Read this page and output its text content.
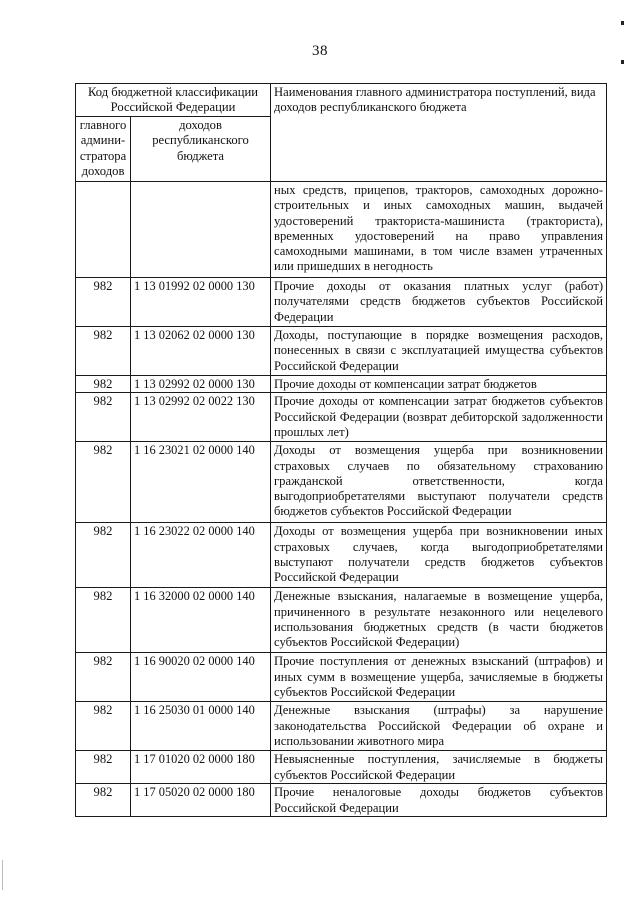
38
Код бюджетной классификации Российской Федерации		Наименования главного администратора поступлений, вида доходов республиканского бюджета
главного админи-стратора доходов	доходов республиканского бюджета	
		ных средств, прицепов, тракторов, самоходных дорожно-строительных и иных самоходных машин, выдачей удостоверений тракториста-машиниста (тракториста), временных удостоверений на право управления самоходными машинами, в том числе взамен утраченных или пришедших в негодность
982	1 13 01992 02 0000 130	Прочие доходы от оказания платных услуг (работ) получателями средств бюджетов субъектов Российской Федерации
982	1 13 02062 02 0000 130	Доходы, поступающие в порядке возмещения расходов, понесенных в связи с эксплуатацией имущества субъектов Российской Федерации
982	1 13 02992 02 0000 130	Прочие доходы от компенсации затрат бюджетов
982	1 13 02992 02 0022 130	Прочие доходы от компенсации затрат бюджетов субъектов Российской Федерации (возврат дебиторской задолженности прошлых лет)
982	1 16 23021 02 0000 140	Доходы от возмещения ущерба при возникновении страховых случаев по обязательному страхованию гражданской ответственности, когда выгодоприобретателями выступают получатели средств бюджетов субъектов Российской Федерации
982	1 16 23022 02 0000 140	Доходы от возмещения ущерба при возникновении иных страховых случаев, когда выгодоприобретателями выступают получатели средств бюджетов субъектов Российской Федерации
982	1 16 32000 02 0000 140	Денежные взыскания, налагаемые в возмещение ущерба, причиненного в результате незаконного или нецелевого использования бюджетных средств (в части бюджетов субъектов Российской Федерации)
982	1 16 90020 02 0000 140	Прочие поступления от денежных взысканий (штрафов) и иных сумм в возмещение ущерба, зачисляемые в бюджеты субъектов Российской Федерации
982	1 16 25030 01 0000 140	Денежные взыскания (штрафы) за нарушение законодательства Российской Федерации об охране и использовании животного мира
982	1 17 01020 02 0000 180	Невыясненные поступления, зачисляемые в бюджеты субъектов Российской Федерации
982	1 17 05020 02 0000 180	Прочие неналоговые доходы бюджетов субъектов Российской Федерации
